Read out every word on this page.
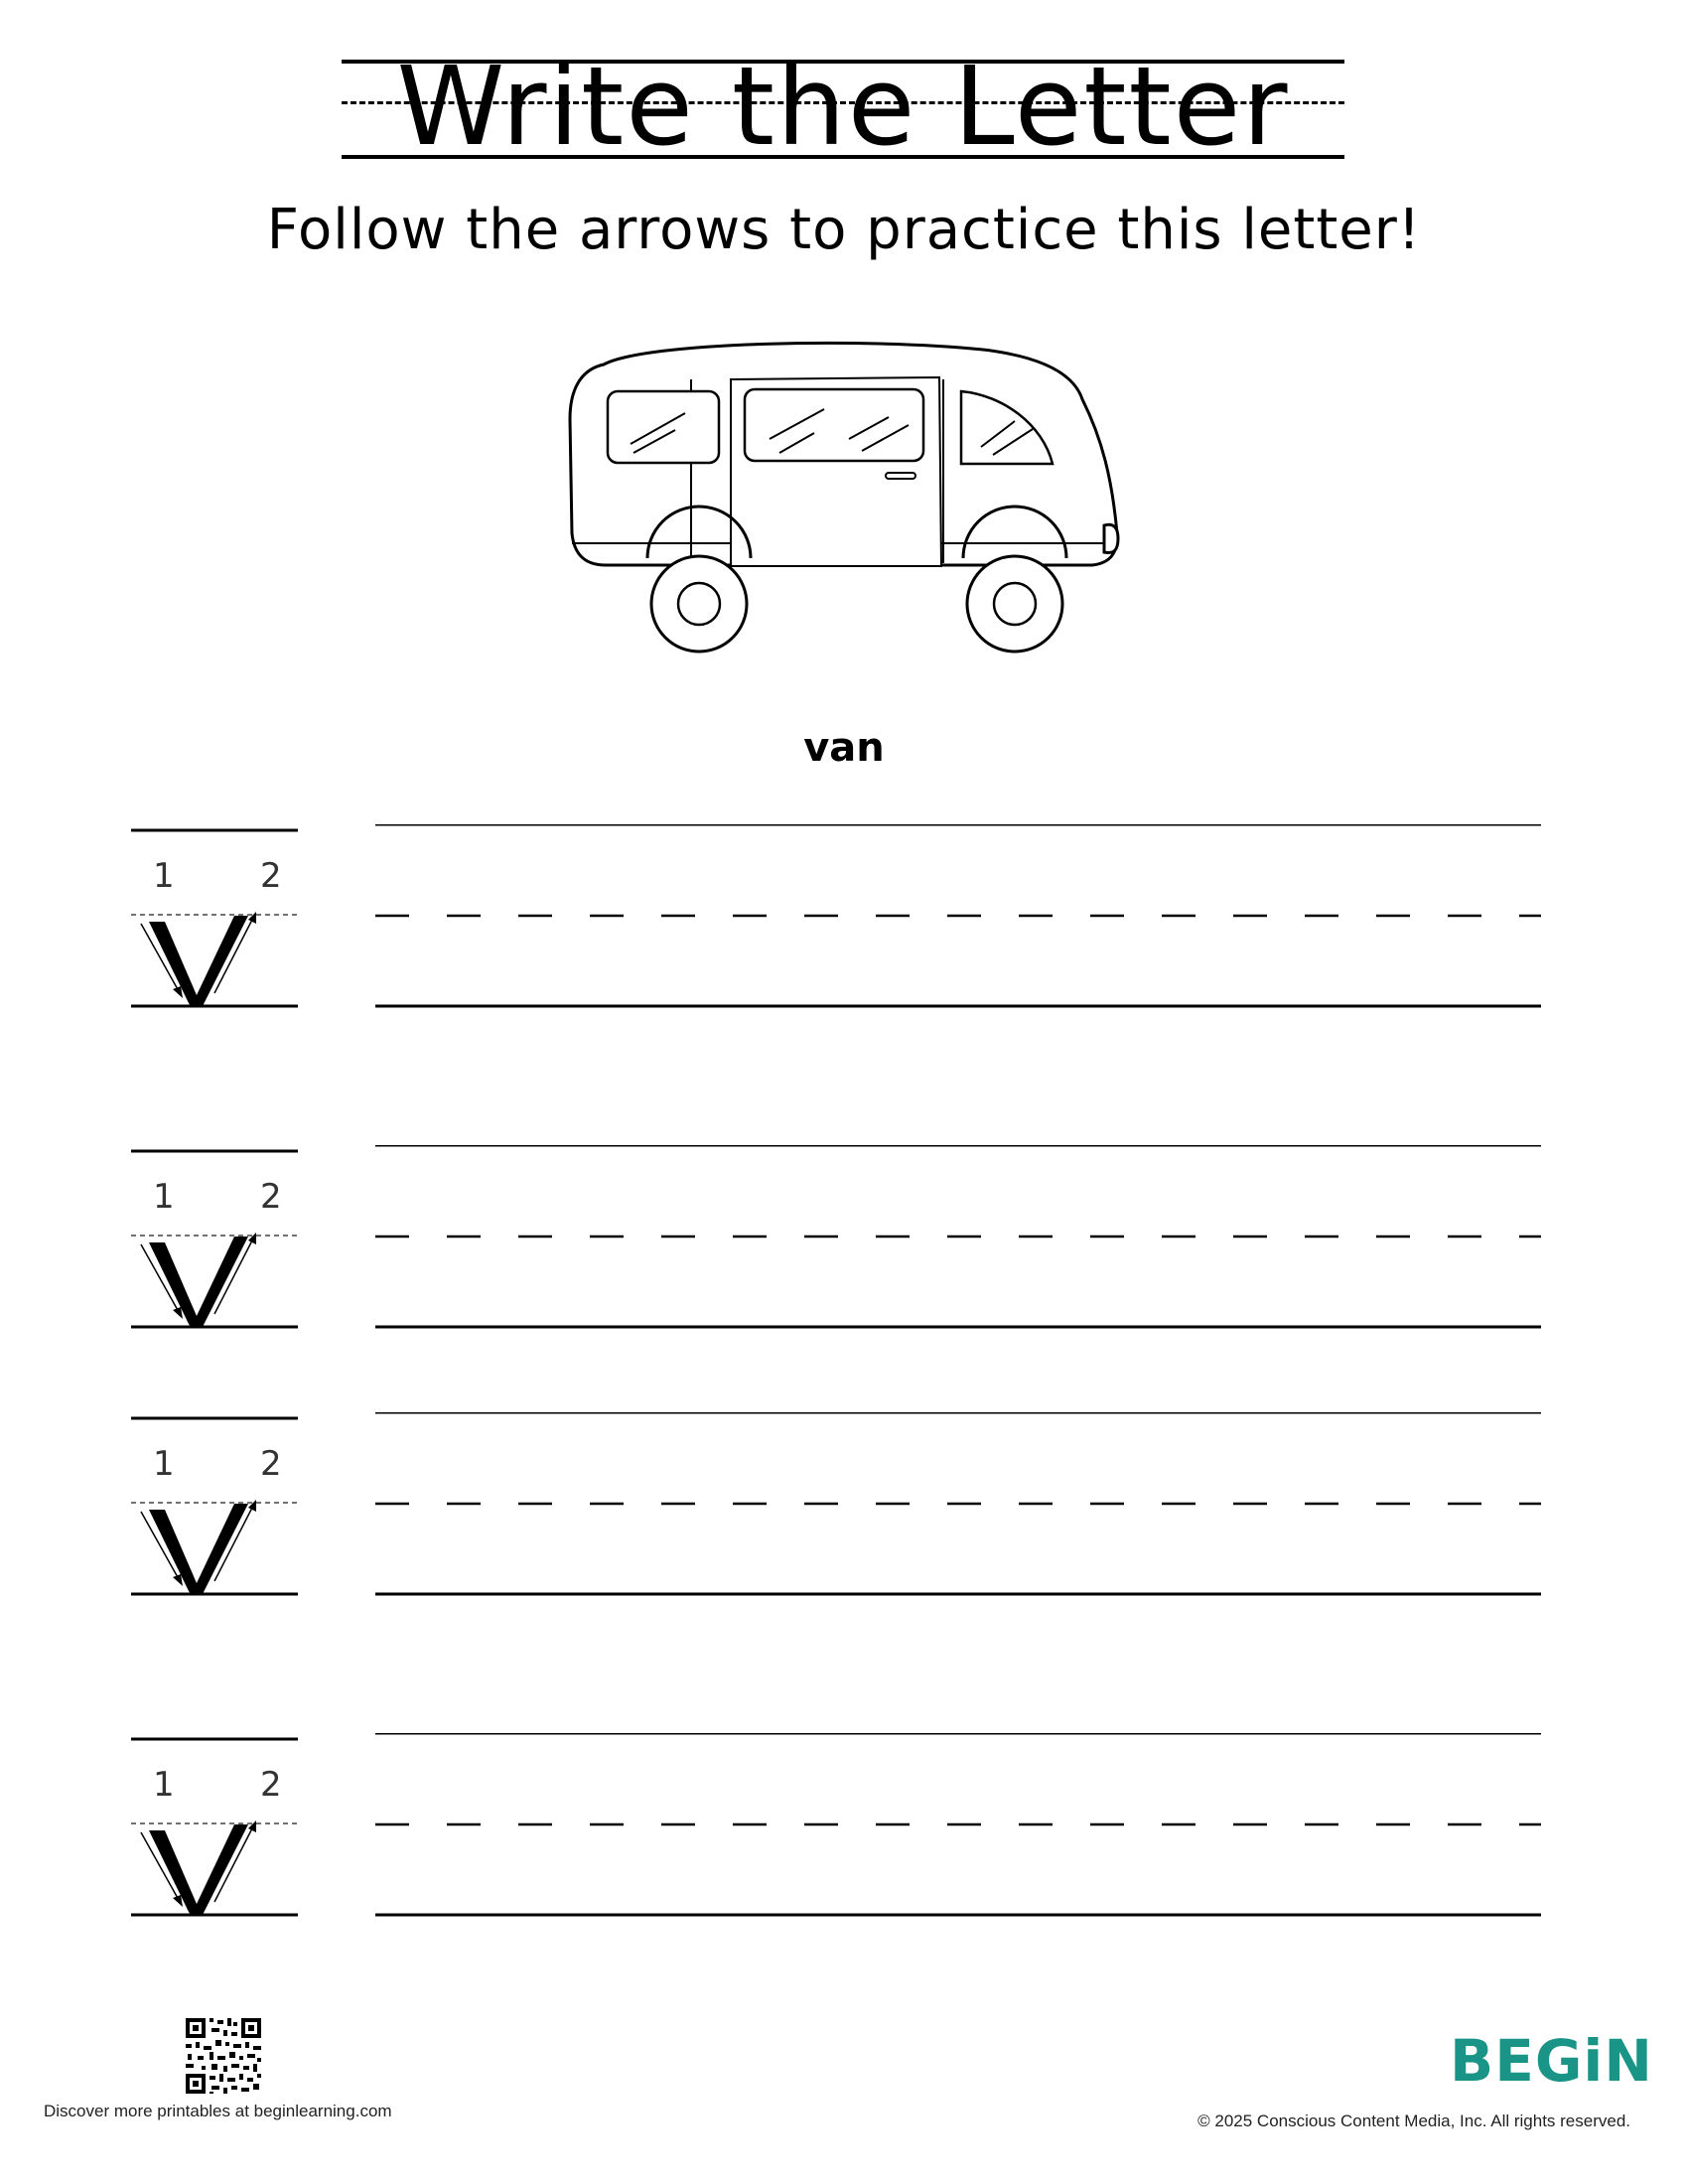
Write the Letter
Follow the arrows to practice this letter!
van
1	2
1	2
1	2
1	2
Discover more printables at beginlearning.com
BEGiN
© 2025 Conscious Content Media, Inc. All rights reserved.
